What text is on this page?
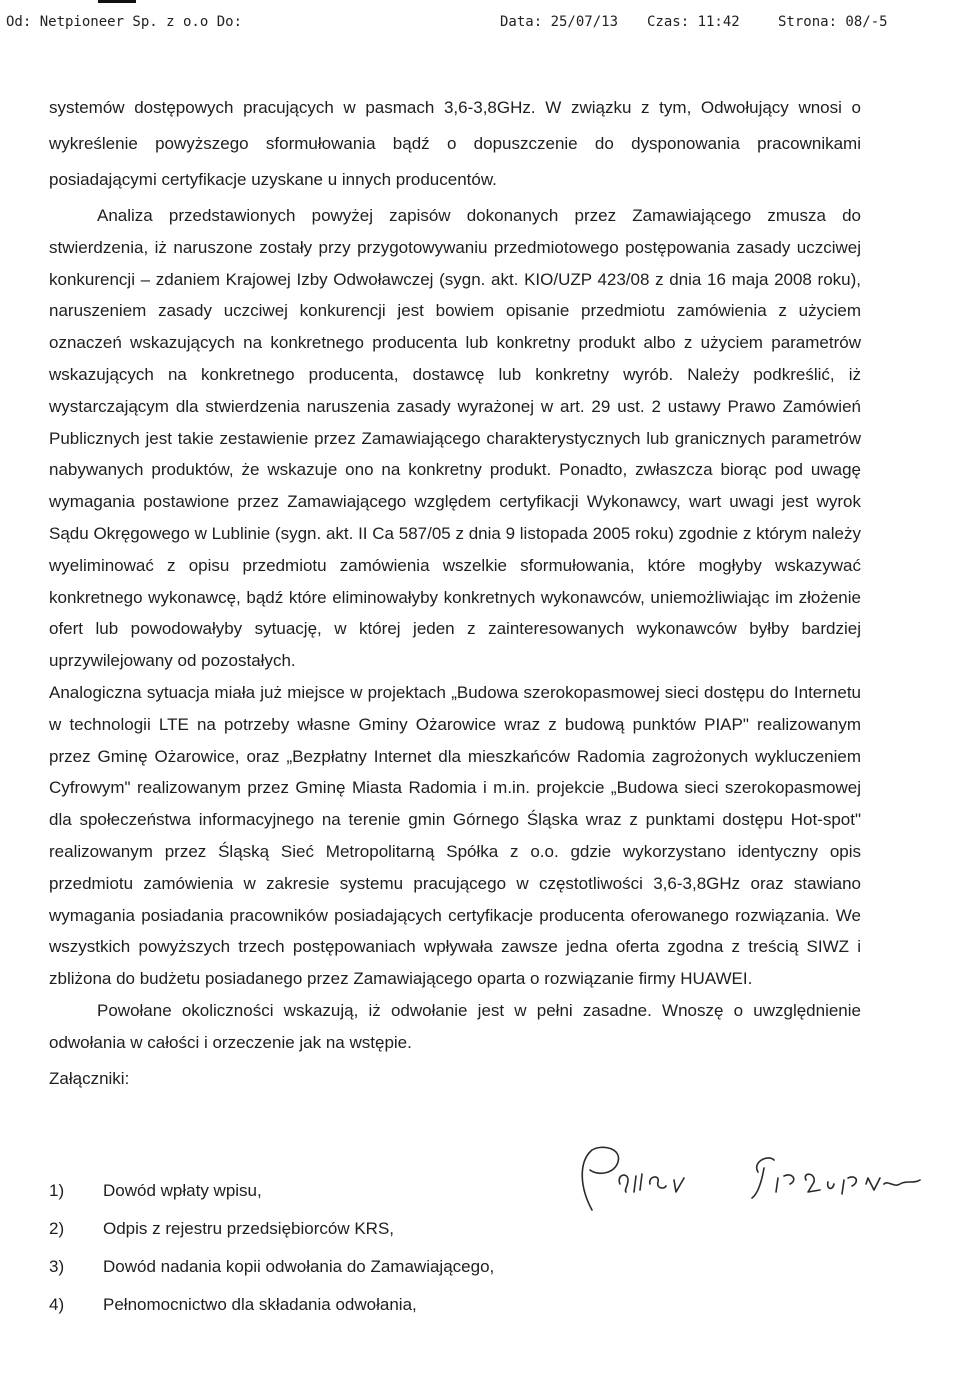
Od: Netpioneer Sp. z o.o Do:

	Data: 25/07/13

Czas: 11:42

	Strona: 08/-5

systemów dostępowych pracujących w pasmach 3,6-3,8GHz. W związku z tym, Odwołujący wnosi o wykreślenie powyższego sformułowania bądź o dopuszczenie do dysponowania pracownikami posiadającymi certyfikacje uzyskane u innych producentów.

Analiza przedstawionych powyżej zapisów dokonanych przez Zamawiającego zmusza do stwierdzenia, iż naruszone zostały przy przygotowywaniu przedmiotowego postępowania zasady uczciwej konkurencji – zdaniem Krajowej Izby Odwoławczej (sygn. akt. KIO/UZP 423/08 z dnia 16 maja 2008 roku), naruszeniem zasady uczciwej konkurencji jest bowiem opisanie przedmiotu zamówienia z użyciem oznaczeń wskazujących na konkretnego producenta lub konkretny produkt albo z użyciem parametrów wskazujących na konkretnego producenta, dostawcę lub konkretny wyrób. Należy podkreślić, iż wystarczającym dla stwierdzenia naruszenia zasady wyrażonej w art. 29 ust. 2 ustawy Prawo Zamówień Publicznych jest takie zestawienie przez Zamawiającego charakterystycznych lub granicznych parametrów nabywanych produktów, że wskazuje ono na konkretny produkt. Ponadto, zwłaszcza biorąc pod uwagę wymagania postawione przez Zamawiającego względem certyfikacji Wykonawcy, wart uwagi jest wyrok Sądu Okręgowego w Lublinie (sygn. akt. II Ca 587/05 z dnia 9 listopada 2005 roku) zgodnie z którym należy wyeliminować z opisu przedmiotu zamówienia wszelkie sformułowania, które mogłyby wskazywać konkretnego wykonawcę, bądź które eliminowałyby konkretnych wykonawców, uniemożliwiając im złożenie ofert lub powodowałyby sytuację, w której jeden z zainteresowanych wykonawców byłby bardziej uprzywilejowany od pozostałych.

Analogiczna sytuacja miała już miejsce w projektach „Budowa szerokopasmowej sieci dostępu do Internetu w technologii LTE na potrzeby własne Gminy Ożarowice wraz z budową punktów PIAP" realizowanym przez Gminę Ożarowice, oraz „Bezpłatny Internet dla mieszkańców Radomia zagrożonych wykluczeniem Cyfrowym" realizowanym przez Gminę Miasta Radomia i m.in. projekcie „Budowa sieci szerokopasmowej dla społeczeństwa informacyjnego na terenie gmin Górnego Śląska wraz z punktami dostępu Hot-spot" realizowanym przez Śląską Sieć Metropolitarną Spółka z o.o. gdzie wykorzystano identyczny opis przedmiotu zamówienia w zakresie systemu pracującego w częstotliwości 3,6-3,8GHz oraz stawiano wymagania posiadania pracowników posiadających certyfikacje producenta oferowanego rozwiązania. We wszystkich powyższych trzech postępowaniach wpływała zawsze jedna oferta zgodna z treścią SIWZ i zbliżona do budżetu posiadanego przez Zamawiającego oparta o rozwiązanie firmy HUAWEI.

Powołane okoliczności wskazują, iż odwołanie jest w pełni zasadne. Wnoszę o uwzględnienie odwołania w całości i orzeczenie jak na wstępie.

Załączniki:

1) Dowód wpłaty wpisu,
2) Odpis z rejestru przedsiębiorców KRS,
3) Dowód nadania kopii odwołania do Zamawiającego,
4) Pełnomocnictwo dla składania odwołania,
